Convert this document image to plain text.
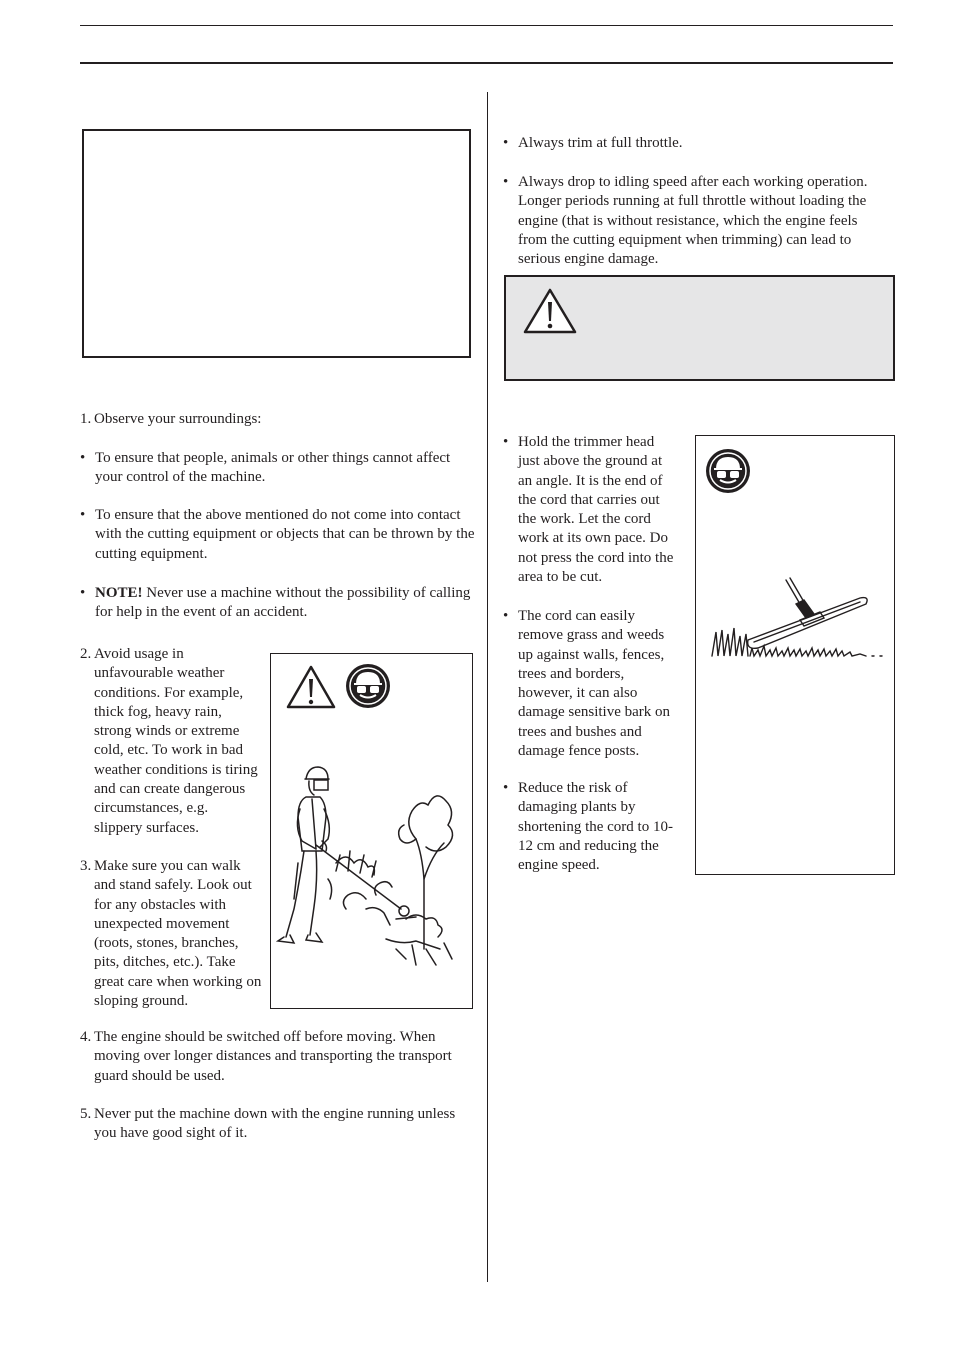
1. Observe your surroundings:
• To ensure that people, animals or other things cannot affect your control of the machine.
• To ensure that the above mentioned do not come into contact with the cutting equipment or objects that can be thrown by the cutting equipment.
• NOTE! Never use a machine without the possibility of calling for help in the event of an accident.
2. Avoid usage in unfavourable weather conditions. For example, thick fog, heavy rain, strong winds or extreme cold, etc. To work in bad weather conditions is tiring and can create dangerous circumstances, e.g. slippery surfaces.
3. Make sure you can walk and stand safely. Look out for any obstacles with unexpected movement (roots, stones, branches, pits, ditches, etc.). Take great care when working on sloping ground.
4. The engine should be switched off before moving. When moving over longer distances and transporting the transport guard should be used.
5. Never put the machine down with the engine running unless you have good sight of it.
• Always trim at full throttle.
• Always drop to idling speed after each working operation. Longer periods running at full throttle without loading the engine (that is without resistance, which the engine feels from the cutting equipment when trimming) can lead to serious engine damage.
• Hold the trimmer head just above the ground at an angle. It is the end of the cord that carries out the work. Let the cord work at its own pace. Do not press the cord into the area to be cut.
• The cord can easily remove grass and weeds up against walls, fences, trees and borders, however, it can also damage sensitive bark on trees and bushes and damage fence posts.
• Reduce the risk of damaging plants by shortening the cord to 10-12 cm and reducing the engine speed.
